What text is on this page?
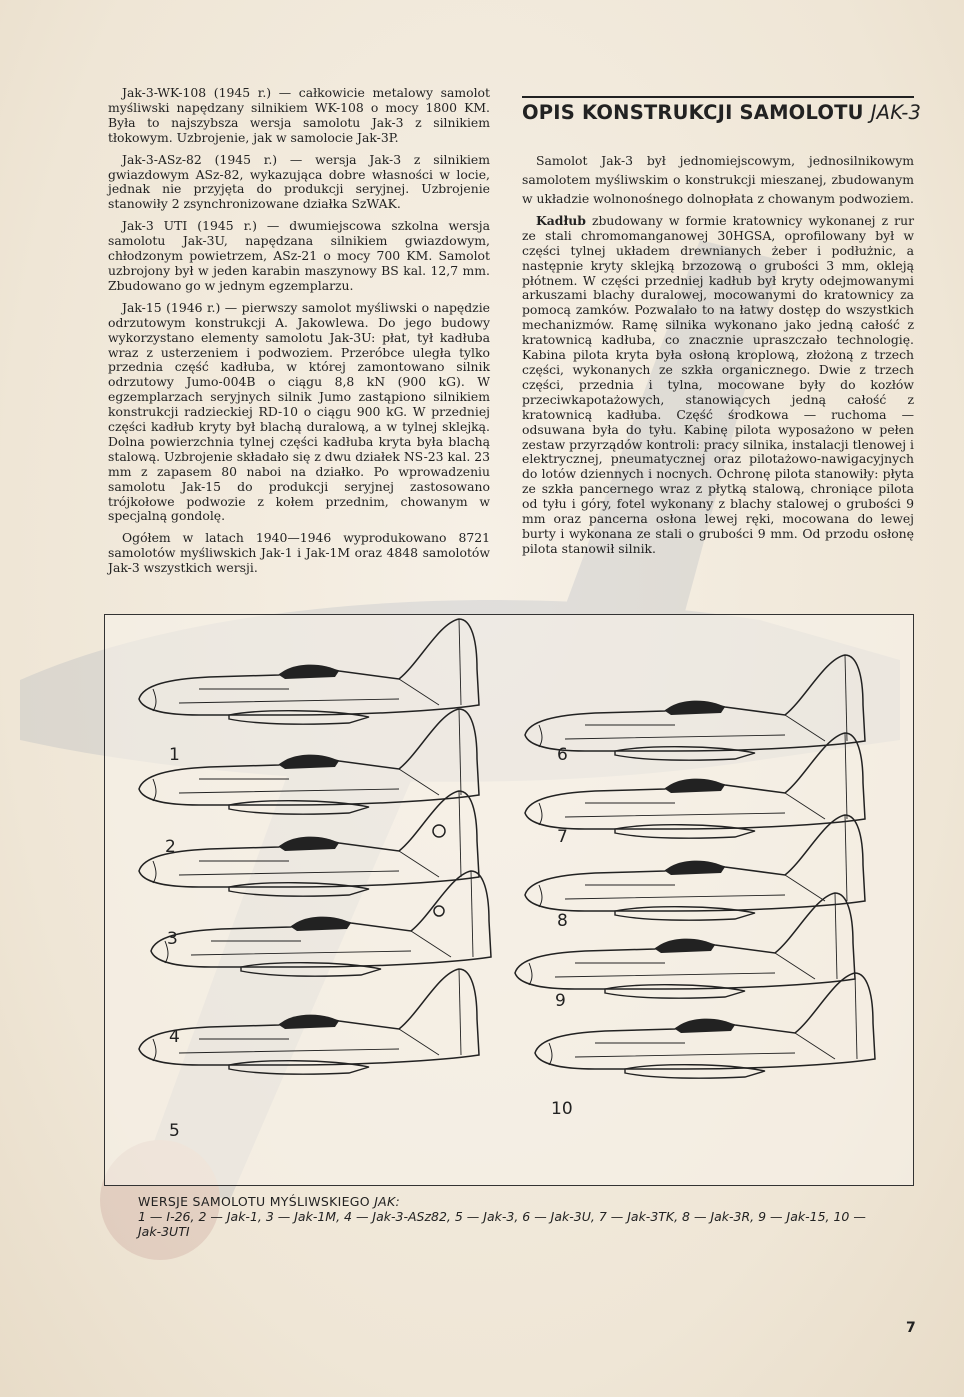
Jak-3-WK-108 (1945 r.) — całkowicie metalowy samolot myśliwski napędzany silnikiem WK-108 o mocy 1800 KM. Była to najszybsza wersja samolotu Jak-3 z silnikiem tłokowym. Uzbrojenie, jak w samolocie Jak-3P.

Jak-3-ASz-82 (1945 r.) — wersja Jak-3 z silnikiem gwiazdowym ASz-82, wykazująca dobre własności w locie, jednak nie przyjęta do produkcji seryjnej. Uzbrojenie stanowiły 2 zsynchronizowane działka SzWAK.

Jak-3 UTI (1945 r.) — dwumiejscowa szkolna wersja samolotu Jak-3U, napędzana silnikiem gwiazdowym, chłodzonym powietrzem, ASz-21 o mocy 700 KM. Samolot uzbrojony był w jeden karabin maszynowy BS kal. 12,7 mm. Zbudowano go w jednym egzemplarzu.

Jak-15 (1946 r.) — pierwszy samolot myśliwski o napędzie odrzutowym konstrukcji A. Jakowlewa. Do jego budowy wykorzystano elementy samolotu Jak-3U: płat, tył kadłuba wraz z usterzeniem i podwoziem. Przeróbce uległa tylko przednia część kadłuba, w której zamontowano silnik odrzutowy Jumo-004B o ciągu 8,8 kN (900 kG). W egzemplarzach seryjnych silnik Jumo zastąpiono silnikiem konstrukcji radzieckiej RD-10 o ciągu 900 kG. W przedniej części kadłub kryty był blachą duralową, a w tylnej sklejką. Dolna powierzchnia tylnej części kadłuba kryta była blachą stalową. Uzbrojenie składało się z dwu działek NS-23 kal. 23 mm z zapasem 80 naboi na działko. Po wprowadzeniu samolotu Jak-15 do produkcji seryjnej zastosowano trójkołowe podwozie z kołem przednim, chowanym w specjalną gondolę.

Ogółem w latach 1940—1946 wyprodukowano 8721 samolotów myśliwskich Jak-1 i Jak-1M oraz 4848 samolotów Jak-3 wszystkich wersji.

OPIS KONSTRUKCJI SAMOLOTU JAK-3

Samolot Jak-3 był jednomiejscowym, jednosilnikowym samolotem myśliwskim o konstrukcji mieszanej, zbudowanym w układzie wolnonośnego dolnopłata z chowanym podwoziem.

Kadłub zbudowany w formie kratownicy wykonanej z rur ze stali chromomanganowej 30HGSA, oprofilowany był w części tylnej układem drewnianych żeber i podłużnic, a następnie kryty sklejką brzozową o grubości 3 mm, okleją płótnem. W części przedniej kadłub był kryty odejmowanymi arkuszami blachy duralowej, mocowanymi do kratownicy za pomocą zamków. Pozwalało to na łatwy dostęp do wszystkich mechanizmów. Ramę silnika wykonano jako jedną całość z kratownicą kadłuba, co znacznie upraszczało technologię. Kabina pilota kryta była osłoną kroplową, złożoną z trzech części, wykonanych ze szkła organicznego. Dwie z trzech części, przednia i tylna, mocowane były do kozłów przeciwkapotażowych, stanowiących jedną całość z kratownicą kadłuba. Część środkowa — ruchoma — odsuwana była do tyłu. Kabinę pilota wyposażono w pełen zestaw przyrządów kontroli: pracy silnika, instalacji tlenowej i elektrycznej, pneumatycznej oraz pilotażowo-nawigacyjnych do lotów dziennych i nocnych. Ochronę pilota stanowiły: płyta ze szkła pancernego wraz z płytką stalową, chroniące pilota od tyłu i góry, fotel wykonany z blachy stalowej o grubości 9 mm oraz pancerna osłona lewej ręki, mocowana do lewej burty i wykonana ze stali o grubości 9 mm. Od przodu osłonę pilota stanowił silnik.

1
2
3
4
5
6
7
8
9
10
WERSJE SAMOLOTU MYŚLIWSKIEGO JAK:
1 — I-26, 2 — Jak-1, 3 — Jak-1M, 4 — Jak-3-ASz82, 5 — Jak-3, 6 — Jak-3U, 7 — Jak-3TK, 8 — Jak-3R, 9 — Jak-15, 10 — Jak-3UTI
7
